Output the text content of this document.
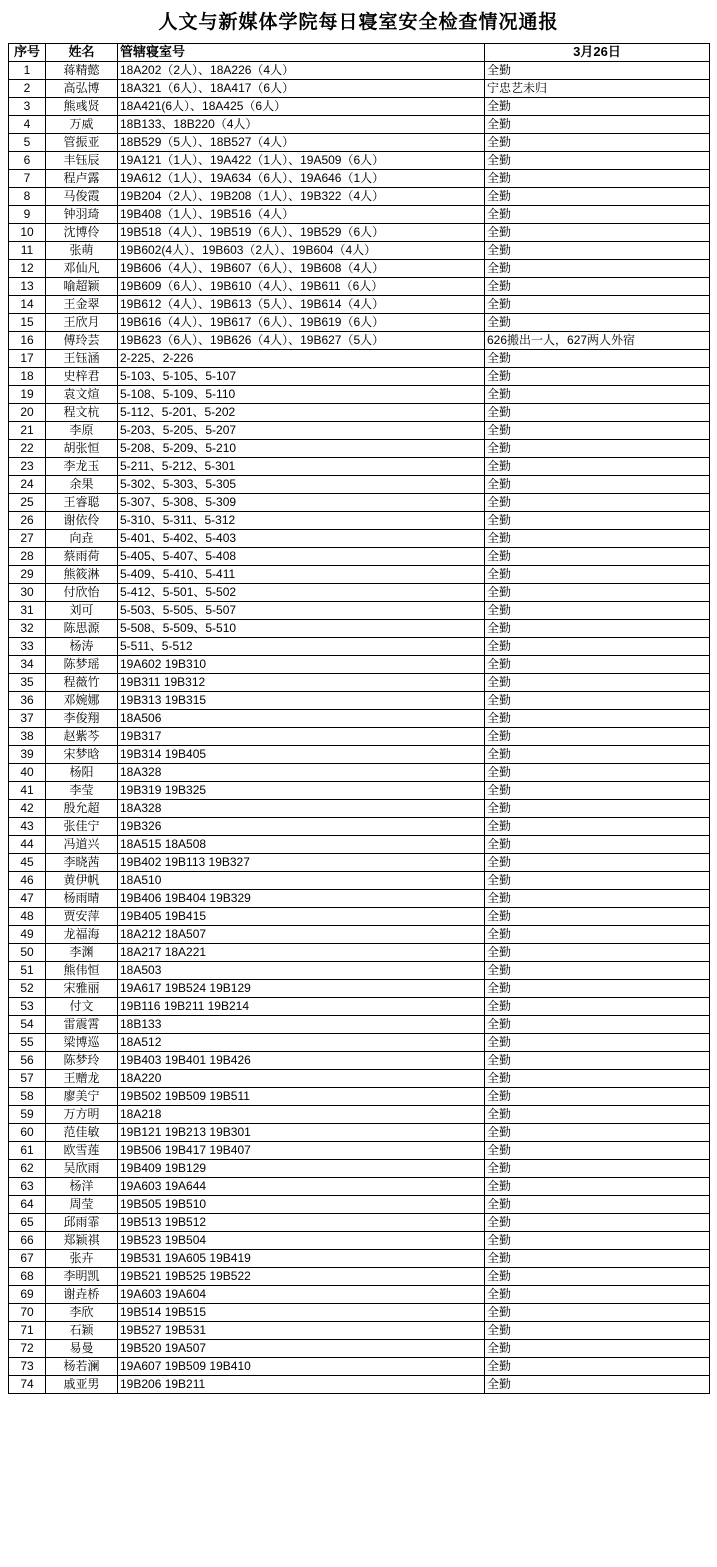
人文与新媒体学院每日寝室安全检查情况通报
序号	姓名	管辖寝室号	3月26日
1	蒋精懿	18A202（2人）、18A226（4人）	全勤
2	高弘博	18A321（6人）、18A417（6人）	宁忠艺未归
3	熊彧贤	18A421(6人）、18A425（6人）	全勤
4	万威	18B133、18B220（4人）	全勤
5	管振亚	18B529（5人）、18B527（4人）	全勤
6	丰钰辰	19A121（1人）、19A422（1人）、19A509（6人）	全勤
7	程卢露	19A612（1人）、19A634（6人）、19A646（1人）	全勤
8	马俊霞	19B204（2人）、19B208（1人）、19B322（4人）	全勤
9	钟羽琦	19B408（1人）、19B516（4人）	全勤
10	沈博伶	19B518（4人）、19B519（6人）、19B529（6人）	全勤
11	张萌	19B602(4人）、19B603（2人）、19B604（4人）	全勤
12	邓仙凡	19B606（4人）、19B607（6人）、19B608（4人）	全勤
13	喻超颖	19B609（6人）、19B610（4人）、19B611（6人）	全勤
14	王金翠	19B612（4人）、19B613（5人）、19B614（4人）	全勤
15	王欣月	19B616（4人）、19B617（6人）、19B619（6人）	全勤
16	傅玲芸	19B623（6人）、19B626（4人）、19B627（5人）	626搬出一人，627两人外宿
17	王钰涵	2-225、2-226	全勤
18	史梓君	5-103、5-105、5-107	全勤
19	袁文煊	5-108、5-109、5-110	全勤
20	程文杭	5-112、5-201、5-202	全勤
21	李原	5-203、5-205、5-207	全勤
22	胡张恒	5-208、5-209、5-210	全勤
23	李龙玉	5-211、5-212、5-301	全勤
24	余果	5-302、5-303、5-305	全勤
25	王睿聪	5-307、5-308、5-309	全勤
26	谢依伶	5-310、5-311、5-312	全勤
27	向垚	5-401、5-402、5-403	全勤
28	蔡雨荷	5-405、5-407、5-408	全勤
29	熊筱淋	5-409、5-410、5-411	全勤
30	付欣怡	5-412、5-501、5-502	全勤
31	刘可	5-503、5-505、5-507	全勤
32	陈思源	5-508、5-509、5-510	全勤
33	杨涛	5-511、5-512	全勤
34	陈梦瑶	19A602 19B310	全勤
35	程薇竹	19B311 19B312	全勤
36	邓婉娜	19B313 19B315	全勤
37	李俊翔	18A506	全勤
38	赵紫芩	19B317	全勤
39	宋梦晗	19B314 19B405	全勤
40	杨阳	18A328	全勤
41	李莹	19B319 19B325	全勤
42	殷允超	18A328	全勤
43	张佳宁	19B326	全勤
44	冯道兴	18A515 18A508	全勤
45	李晓茜	19B402 19B113 19B327	全勤
46	黄伊帆	18A510	全勤
47	杨雨晴	19B406 19B404 19B329	全勤
48	贾安萍	19B405 19B415	全勤
49	龙福海	18A212 18A507	全勤
50	李渊	18A217 18A221	全勤
51	熊伟恒	18A503	全勤
52	宋雅丽	19A617 19B524 19B129	全勤
53	付文	19B116 19B211 19B214	全勤
54	雷震霄	18B133	全勤
55	梁博巡	18A512	全勤
56	陈梦玲	19B403 19B401 19B426	全勤
57	王赠龙	18A220	全勤
58	廖美宁	19B502 19B509 19B511	全勤
59	万方明	18A218	全勤
60	范佳敏	19B121 19B213 19B301	全勤
61	欧雪莲	19B506 19B417 19B407	全勤
62	吴欣雨	19B409 19B129	全勤
63	杨洋	19A603 19A644	全勤
64	周莹	19B505 19B510	全勤
65	邱雨霏	19B513 19B512	全勤
66	郑颖祺	19B523 19B504	全勤
67	张卉	19B531 19A605 19B419	全勤
68	李明凯	19B521 19B525 19B522	全勤
69	谢垚桥	19A603 19A604	全勤
70	李欣	19B514 19B515	全勤
71	石颖	19B527 19B531	全勤
72	易曼	19B520 19A507	全勤
73	杨若澜	19A607 19B509 19B410	全勤
74	戚亚男	19B206 19B211	全勤
